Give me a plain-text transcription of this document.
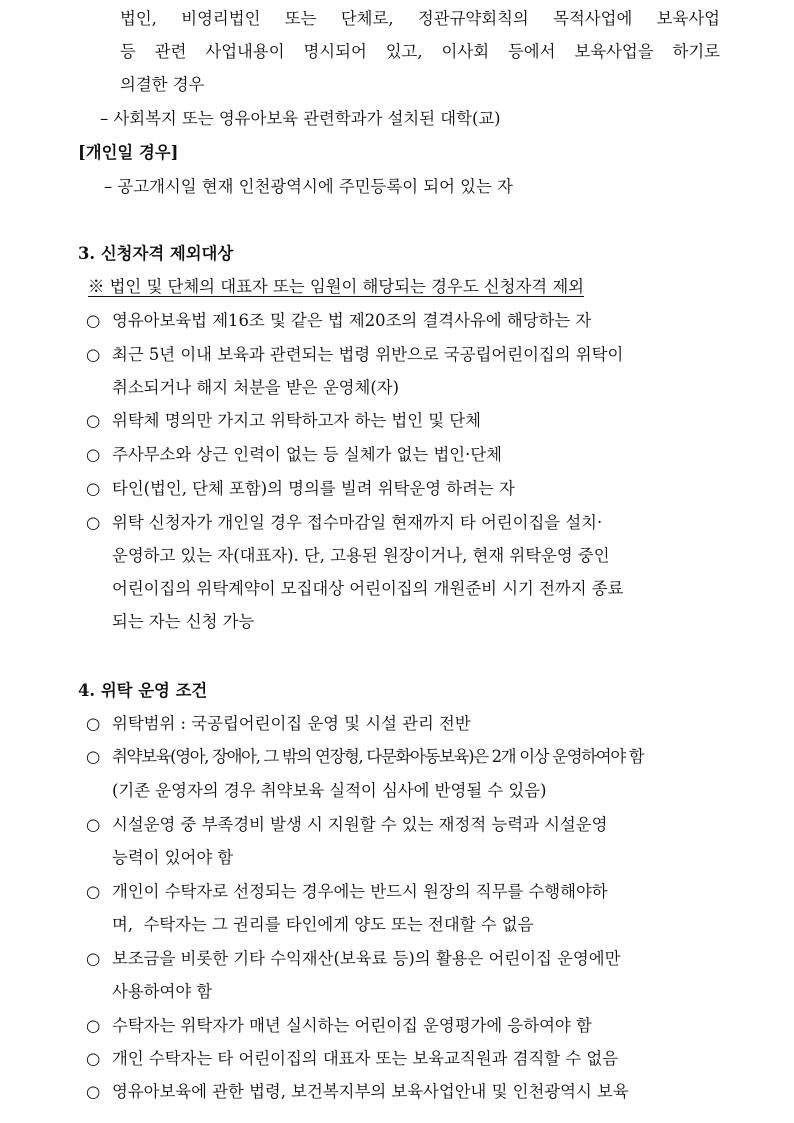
법인, 비영리법인 또는 단체로, 정관규약회칙의 목적사업에 보육사업
등 관련 사업내용이 명시되어 있고, 이사회 등에서 보육사업을 하기로
의결한 경우
– 사회복지 또는 영유아보육 관련학과가 설치된 대학(교)
[개인일 경우]
– 공고개시일 현재 인천광역시에 주민등록이 되어 있는 자
3. 신청자격 제외대상
※ 법인 및 단체의 대표자 또는 임원이 해당되는 경우도 신청자격 제외
○ 영유아보육법 제16조 및 같은 법 제20조의 결격사유에 해당하는 자
○ 최근 5년 이내 보육과 관련되는 법령 위반으로 국공립어린이집의 위탁이
취소되거나 해지 처분을 받은 운영체(자)
○ 위탁체 명의만 가지고 위탁하고자 하는 법인 및 단체
○ 주사무소와 상근 인력이 없는 등 실체가 없는 법인·단체
○ 타인(법인, 단체 포함)의 명의를 빌려 위탁운영 하려는 자
○ 위탁 신청자가 개인일 경우 접수마감일 현재까지 타 어린이집을 설치·
운영하고 있는 자(대표자). 단, 고용된 원장이거나, 현재 위탁운영 중인
어린이집의 위탁계약이 모집대상 어린이집의 개원준비 시기 전까지 종료
되는 자는 신청 가능
4. 위탁 운영 조건
○ 위탁범위 : 국공립어린이집 운영 및 시설 관리 전반
○ 취약보육(영아, 장애아, 그 밖의 연장형, 다문화아동보육)은 2개 이상 운영하여야 함
(기존 운영자의 경우 취약보육 실적이 심사에 반영될 수 있음)
○ 시설운영 중 부족경비 발생 시 지원할 수 있는 재정적 능력과 시설운영
능력이 있어야 함
○ 개인이 수탁자로 선정되는 경우에는 반드시 원장의 직무를 수행해야하
며,  수탁자는 그 권리를 타인에게 양도 또는 전대할 수 없음
○ 보조금을 비롯한 기타 수익재산(보육료 등)의 활용은 어린이집 운영에만
사용하여야 함
○ 수탁자는 위탁자가 매년 실시하는 어린이집 운영평가에 응하여야 함
○ 개인 수탁자는 타 어린이집의 대표자 또는 보육교직원과 겸직할 수 없음
○ 영유아보육에 관한 법령, 보건복지부의 보육사업안내 및 인천광역시 보육
